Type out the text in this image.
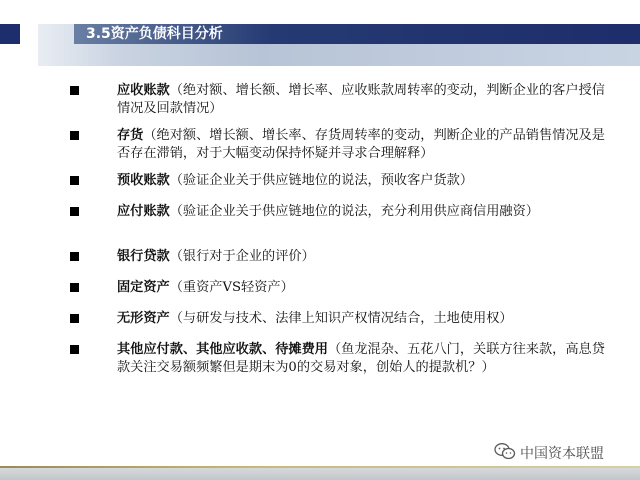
3.5资产负债科目分析
应收账款（绝对额、增长额、增长率、应收账款周转率的变动，判断企业的客户授信情况及回款情况）
存货（绝对额、增长额、增长率、存货周转率的变动，判断企业的产品销售情况及是否存在滞销，对于大幅变动保持怀疑并寻求合理解释）
预收账款（验证企业关于供应链地位的说法，预收客户货款）
应付账款（验证企业关于供应链地位的说法，充分利用供应商信用融资）
银行贷款（银行对于企业的评价）
固定资产（重资产VS轻资产）
无形资产（与研发与技术、法律上知识产权情况结合，土地使用权）
其他应付款、其他应收款、待摊费用（鱼龙混杂、五花八门，关联方往来款，高息贷款关注交易额频繁但是期末为0的交易对象，创始人的提款机？）
中国资本联盟
